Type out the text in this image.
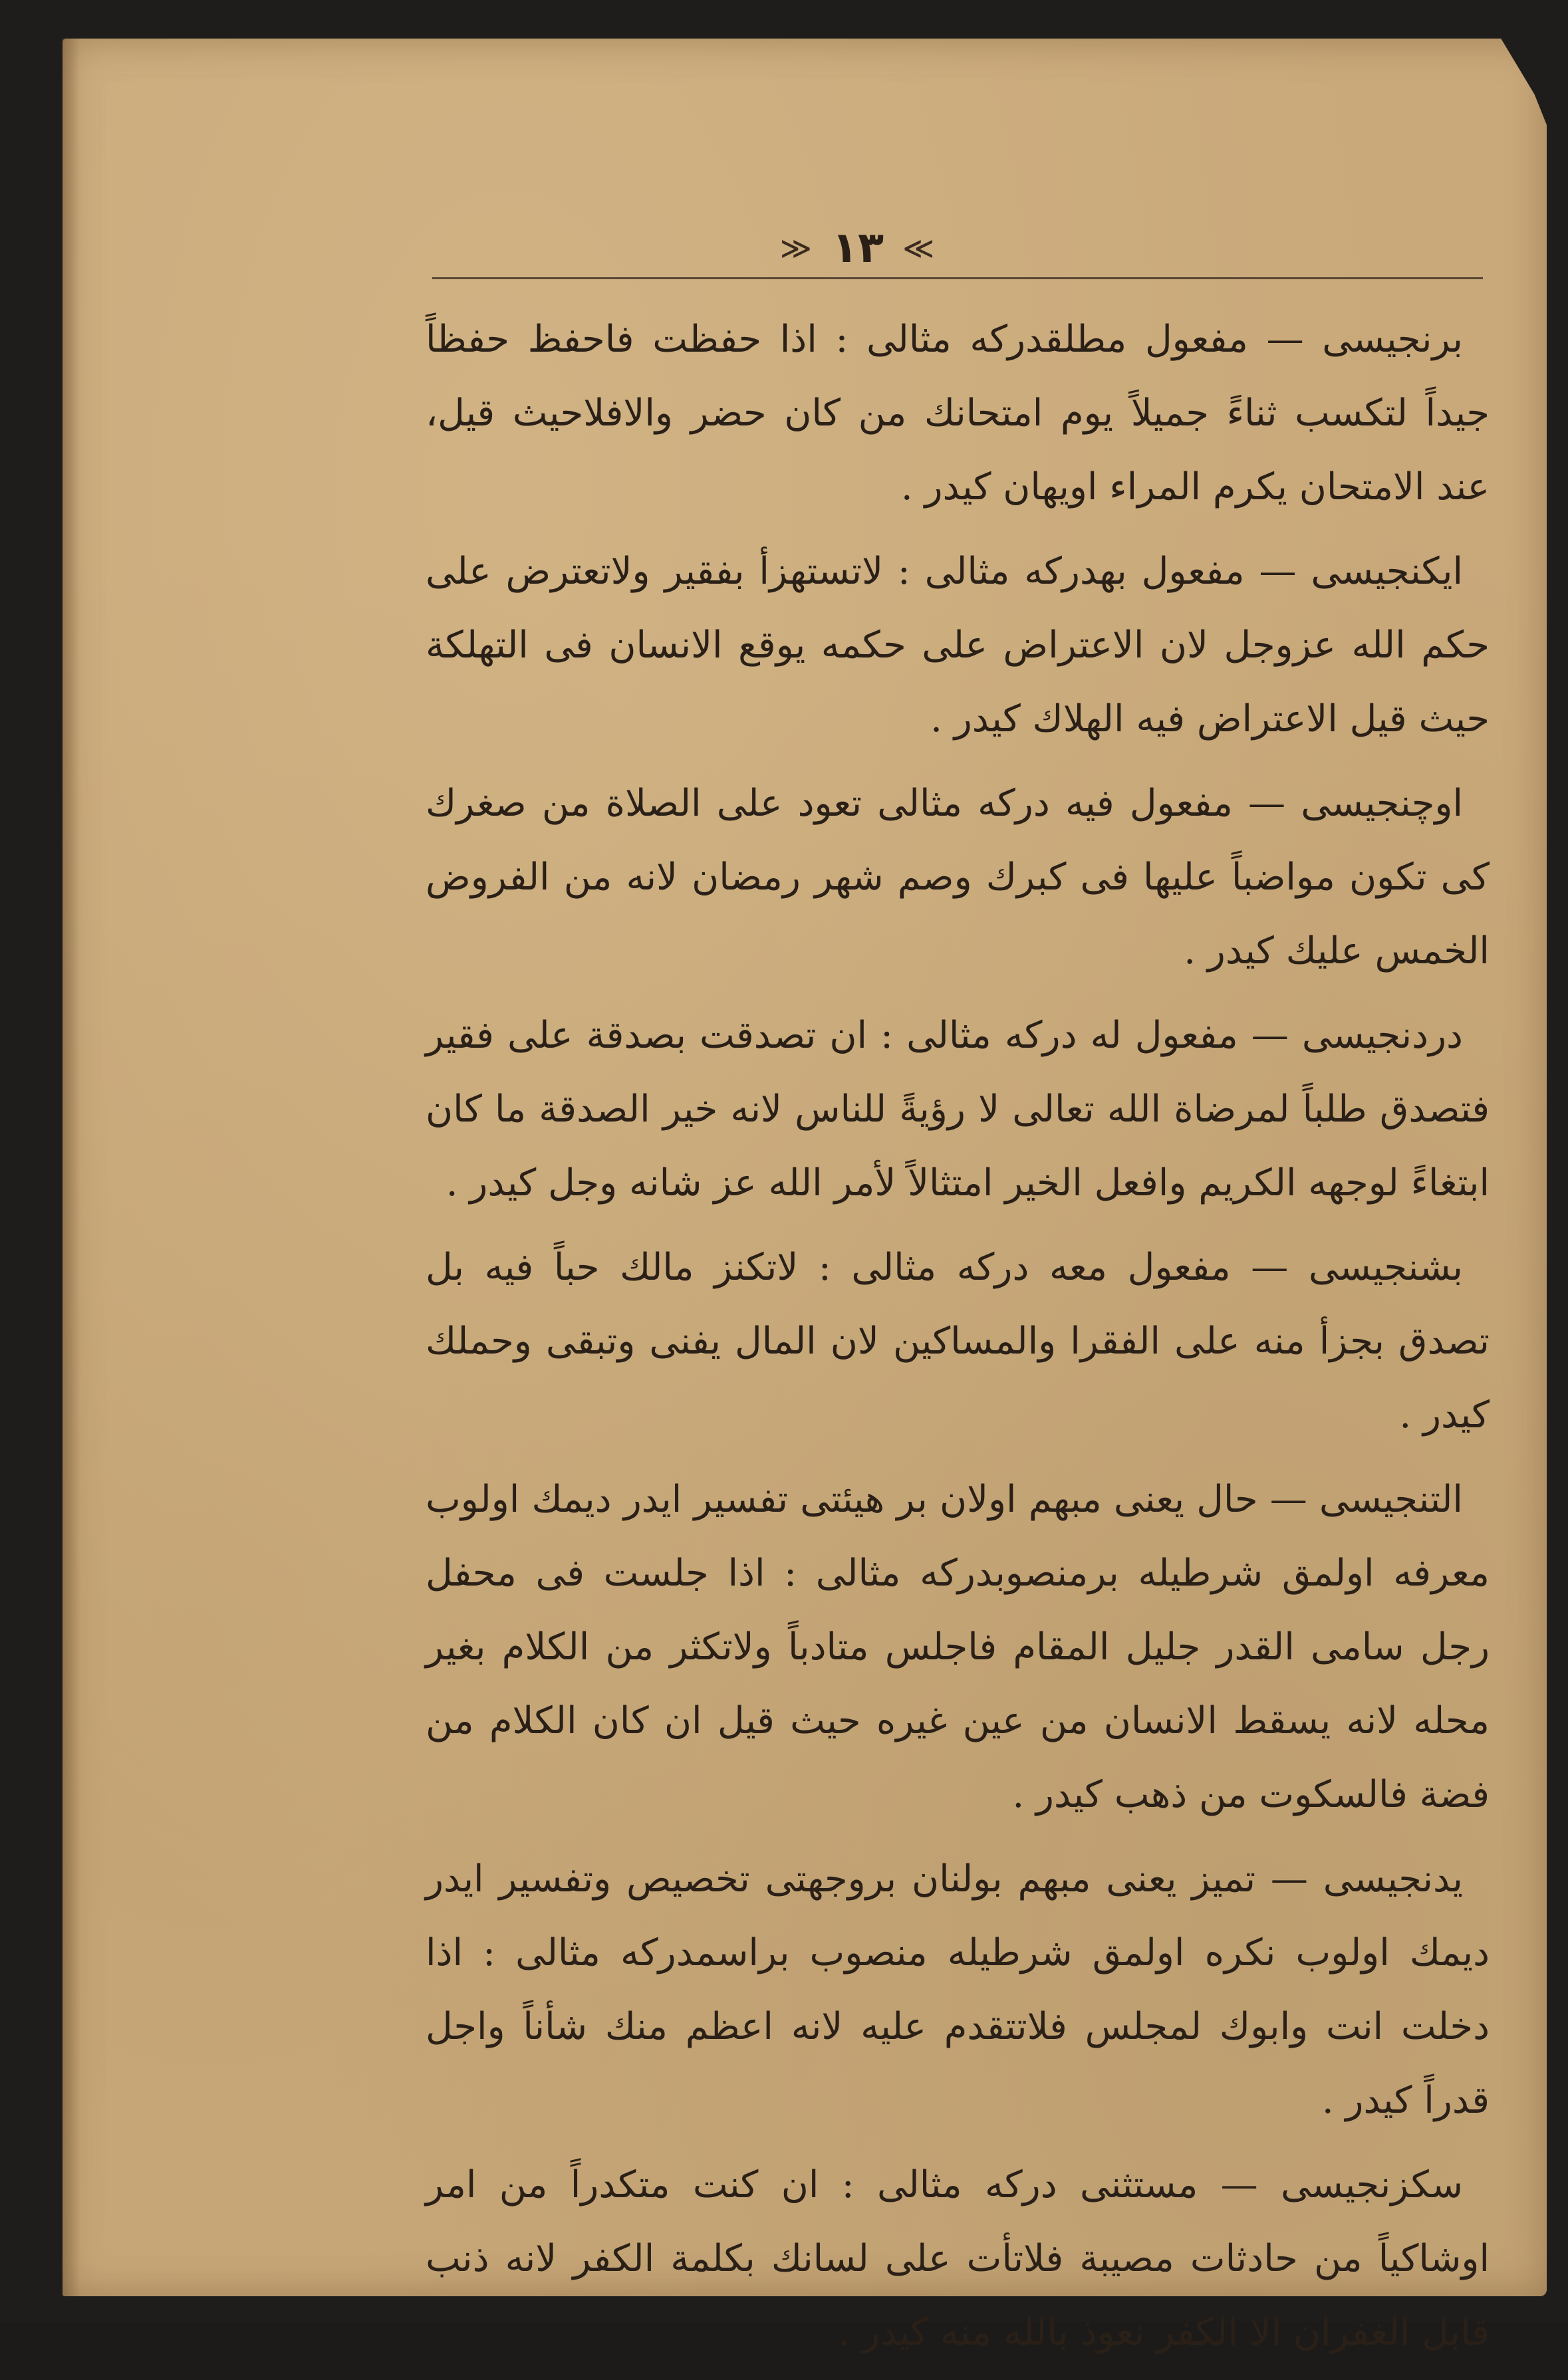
≫ ١٣ ≪

برنجيسى — مفعول مطلقدركه مثالى : اذا حفظت فاحفظ حفظاً جيداً لتكسب ثناءً جميلاً يوم امتحانك من كان حضر والافلاحيث قيل، عند الامتحان يكرم المراء اويهان كيدر .

ايكنجيسى — مفعول بهدركه مثالى : لاتستهزأ بفقير ولاتعترض على حكم الله عزوجل لان الاعتراض على حكمه يوقع الانسان فى التهلكة حيث قيل الاعتراض فيه الهلاك كيدر .

اوچنجيسى — مفعول فيه دركه مثالى تعود على الصلاة من صغرك كى تكون مواضباً عليها فى كبرك وصم شهر رمضان لانه من الفروض الخمس عليك كيدر .

دردنجيسى — مفعول له دركه مثالى : ان تصدقت بصدقة على فقير فتصدق طلباً لمرضاة الله تعالى لا رؤيةً للناس لانه خير الصدقة ما كان ابتغاءً لوجهه الكريم وافعل الخير امتثالاً لأمر الله عز شانه وجل كيدر .

بشنجيسى — مفعول معه دركه مثالى : لاتكنز مالك حباً فيه بل تصدق بجزأ منه على الفقرا والمساكين لان المال يفنى وتبقى وحملك كيدر .

التنجيسى — حال يعنى مبهم اولان بر هيئتى تفسير ايدر ديمك اولوب معرفه اولمق شرطيله برمنصوبدركه مثالى : اذا جلست فى محفل رجل سامى القدر جليل المقام فاجلس متادباً ولاتكثر من الكلام بغير محله لانه يسقط الانسان من عين غيره حيث قيل ان كان الكلام من فضة فالسكوت من ذهب كيدر .

يدنجيسى — تميز يعنى مبهم بولنان بروجهتى تخصيص وتفسير ايدر ديمك اولوب نكره اولمق شرطيله منصوب براسمدركه مثالى : اذا دخلت انت وابوك لمجلس فلاتتقدم عليه لانه اعظم منك شأناً واجل قدراً كيدر .

سكزنجيسى — مستثنى دركه مثالى : ان كنت متكدراً من امر اوشاكياً من حادثات مصيبة فلاتأت على لسانك بكلمة الكفر لانه ذنب قابل الغفران الا الكفر نعوذ بالله منه كيدر .
